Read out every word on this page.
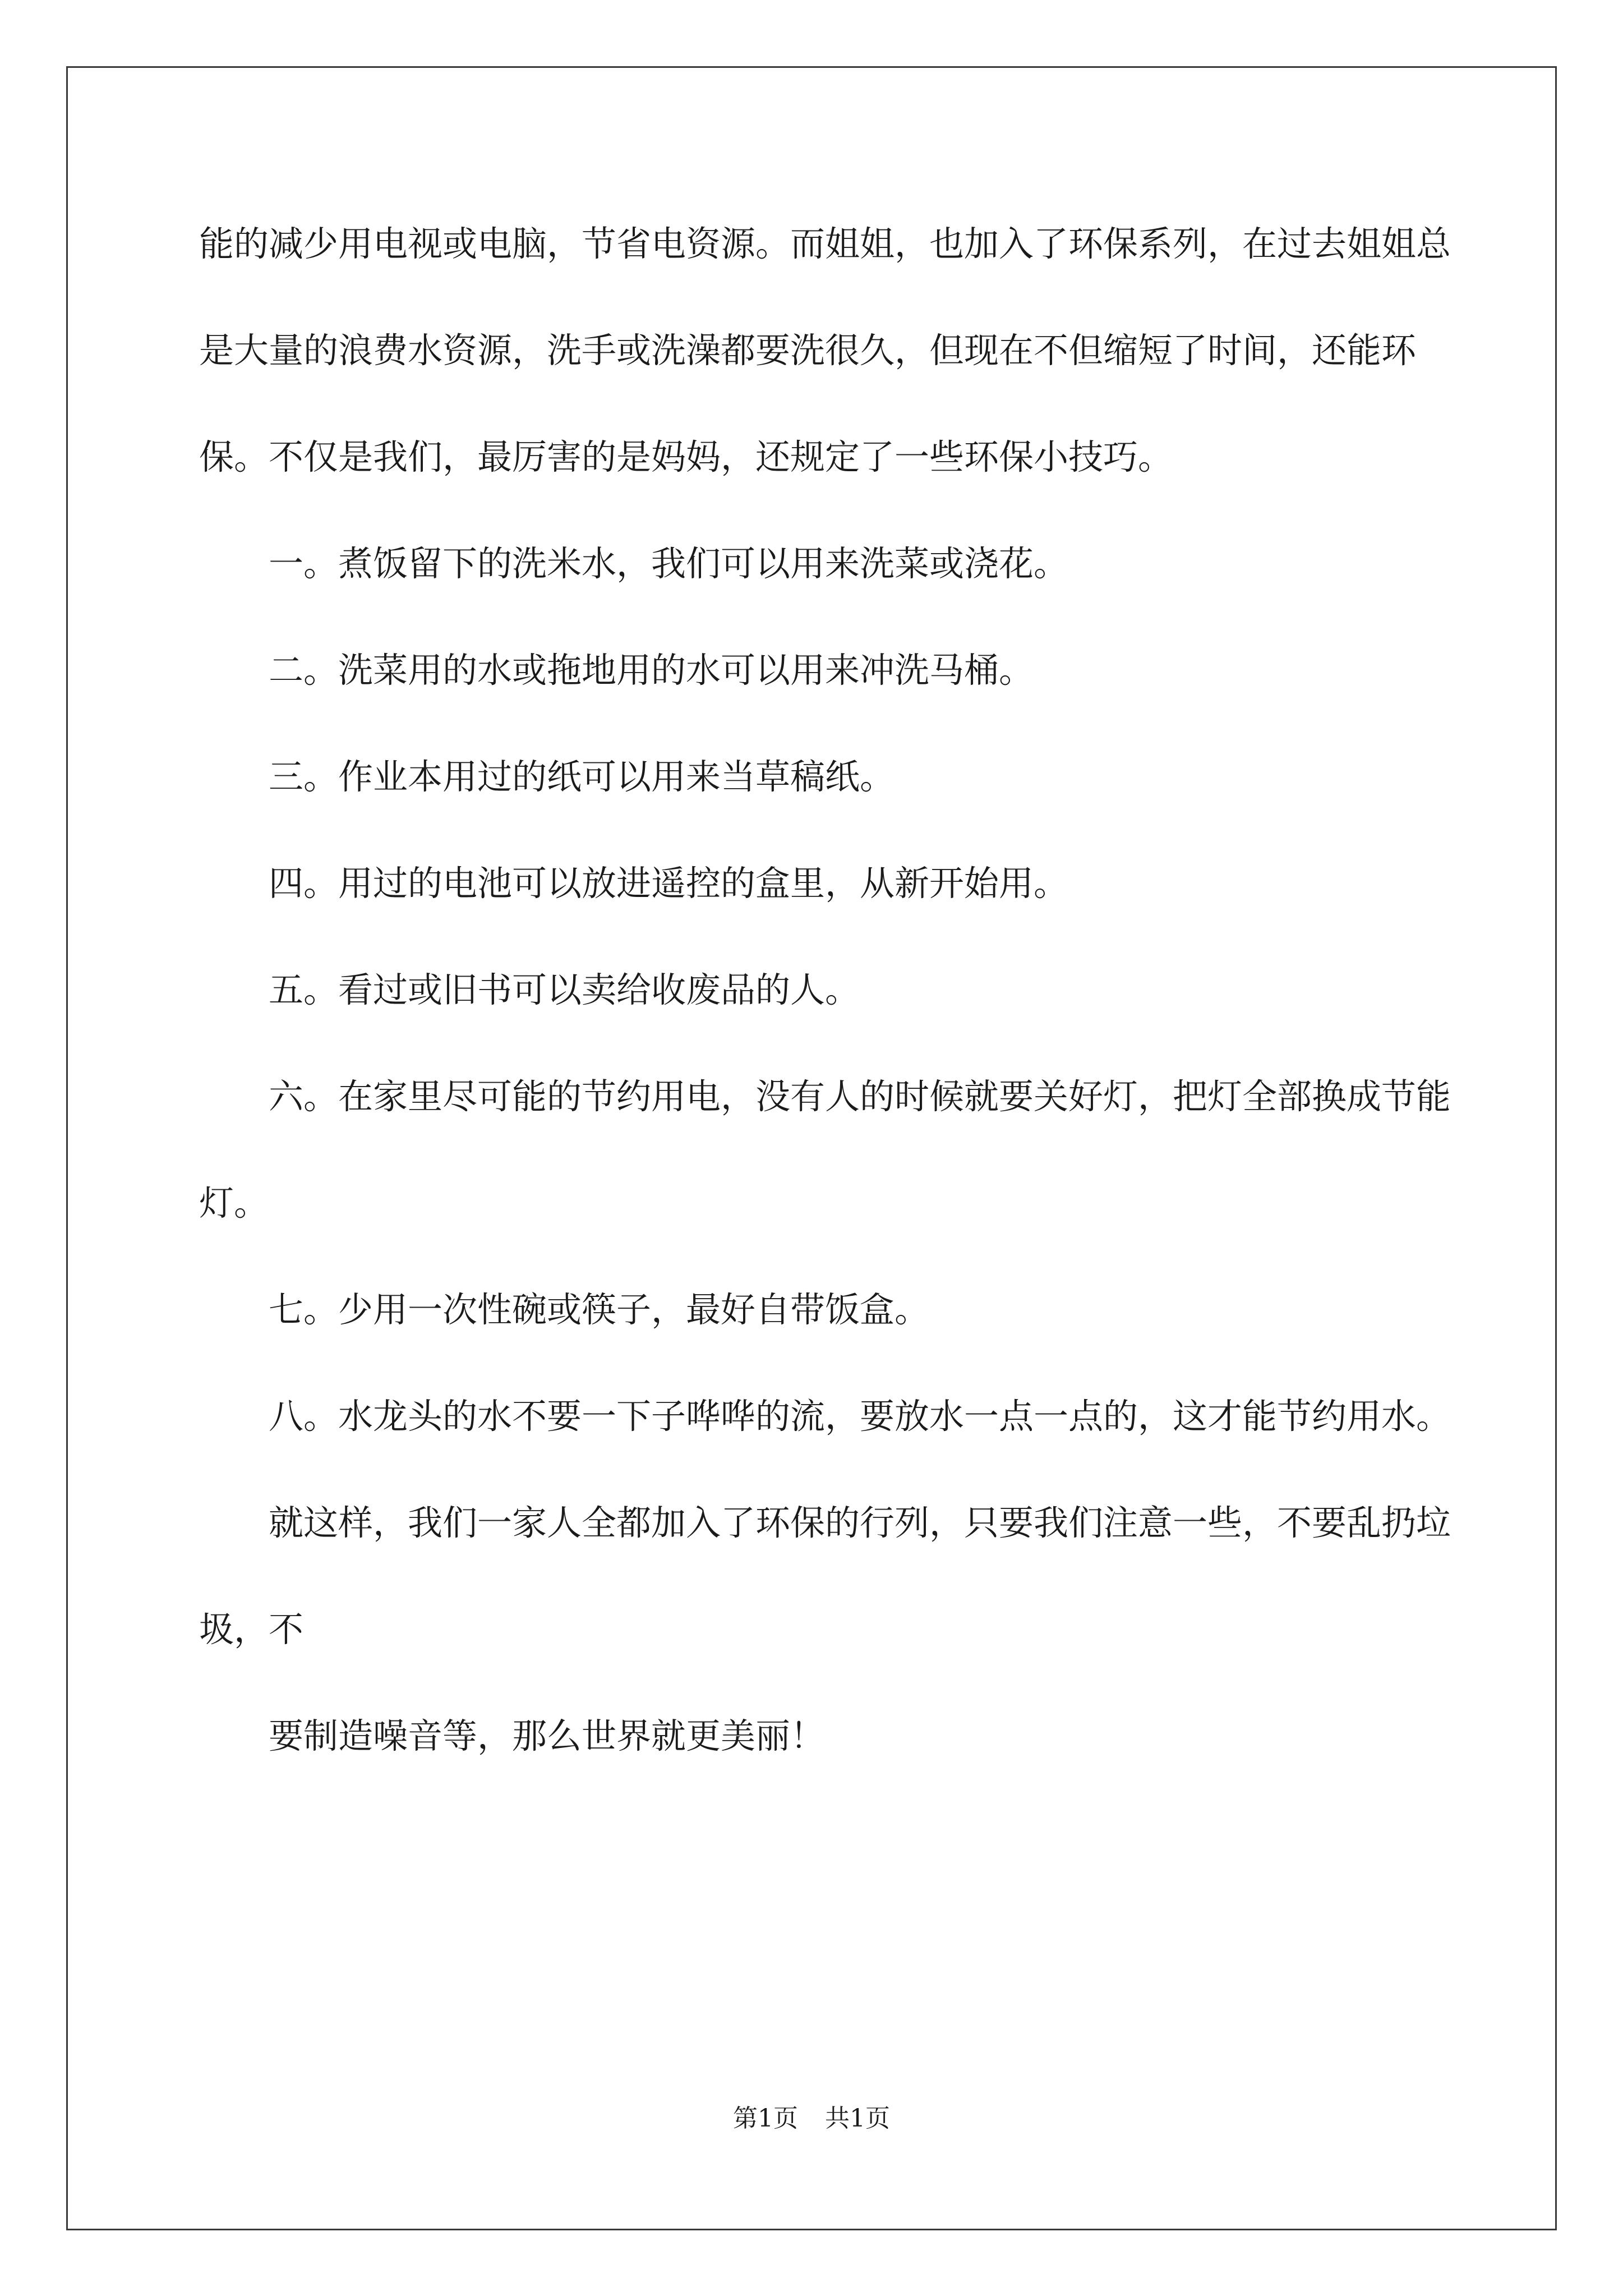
能的减少用电视或电脑，节省电资源。而姐姐，也加入了环保系列，在过去姐姐总是大量的浪费水资源，洗手或洗澡都要洗很久，但现在不但缩短了时间，还能环保。不仅是我们，最厉害的是妈妈，还规定了一些环保小技巧。

一。煮饭留下的洗米水，我们可以用来洗菜或浇花。

二。洗菜用的水或拖地用的水可以用来冲洗马桶。

三。作业本用过的纸可以用来当草稿纸。

四。用过的电池可以放进遥控的盒里，从新开始用。

五。看过或旧书可以卖给收废品的人。

六。在家里尽可能的节约用电，没有人的时候就要关好灯，把灯全部换成节能灯。

七。少用一次性碗或筷子，最好自带饭盒。

八。水龙头的水不要一下子哗哗的流，要放水一点一点的，这才能节约用水。

就这样，我们一家人全都加入了环保的行列，只要我们注意一些，不要乱扔垃圾，不

要制造噪音等，那么世界就更美丽！

第1页 共1页
